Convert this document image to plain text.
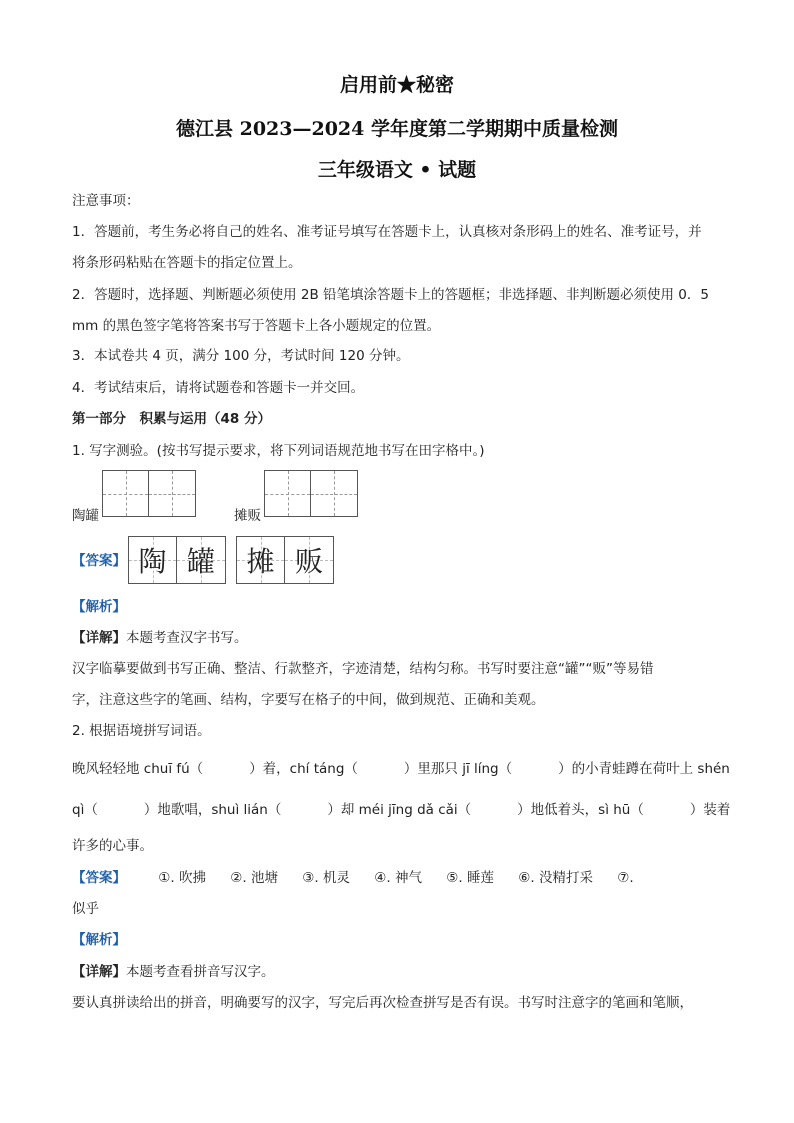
启用前★秘密
德江县 2023—2024 学年度第二学期期中质量检测
三年级语文 • 试题
注意事项：
1．答题前，考生务必将自己的姓名、准考证号填写在答题卡上，认真核对条形码上的姓名、准考证号，并
将条形码粘贴在答题卡的指定位置上。
2．答题时，选择题、判断题必须使用 2B 铅笔填涂答题卡上的答题框；非选择题、非判断题必须使用 0．5
mm 的黑色签字笔将答案书写于答题卡上各小题规定的位置。
3．本试卷共 4 页，满分 100 分，考试时间 120 分钟。
4．考试结束后，请将试题卷和答题卡一并交回。
第一部分　积累与运用（48 分）
1. 写字测验。(按书写提示要求，将下列词语规范地书写在田字格中。)
陶罐	摊贩
【答案】 陶 罐 摊 贩
【解析】
【详解】本题考查汉字书写。
汉字临摹要做到书写正确、整洁、行款整齐，字迹清楚，结构匀称。书写时要注意“罐”“贩”等易错
字，注意这些字的笔画、结构，字要写在格子的中间，做到规范、正确和美观。
2. 根据语境拼写词语。
晚风轻轻地 chuī fú（	）着，chí táng（	）里那只 jī líng（	）的小青蛙蹲在荷叶上 shén
qì（	）地歌唱，shuì lián（	）却 méi jīng dǎ cǎi（	）地低着头，sì hū（	）装着
许多的心事。
【答案】 ①. 吹拂 ②. 池塘 ③. 机灵 ④. 神气 ⑤. 睡莲 ⑥. 没精打采 ⑦.
似乎
【解析】
【详解】本题考查看拼音写汉字。
要认真拼读给出的拼音，明确要写的汉字，写完后再次检查拼写是否有误。书写时注意字的笔画和笔顺，
